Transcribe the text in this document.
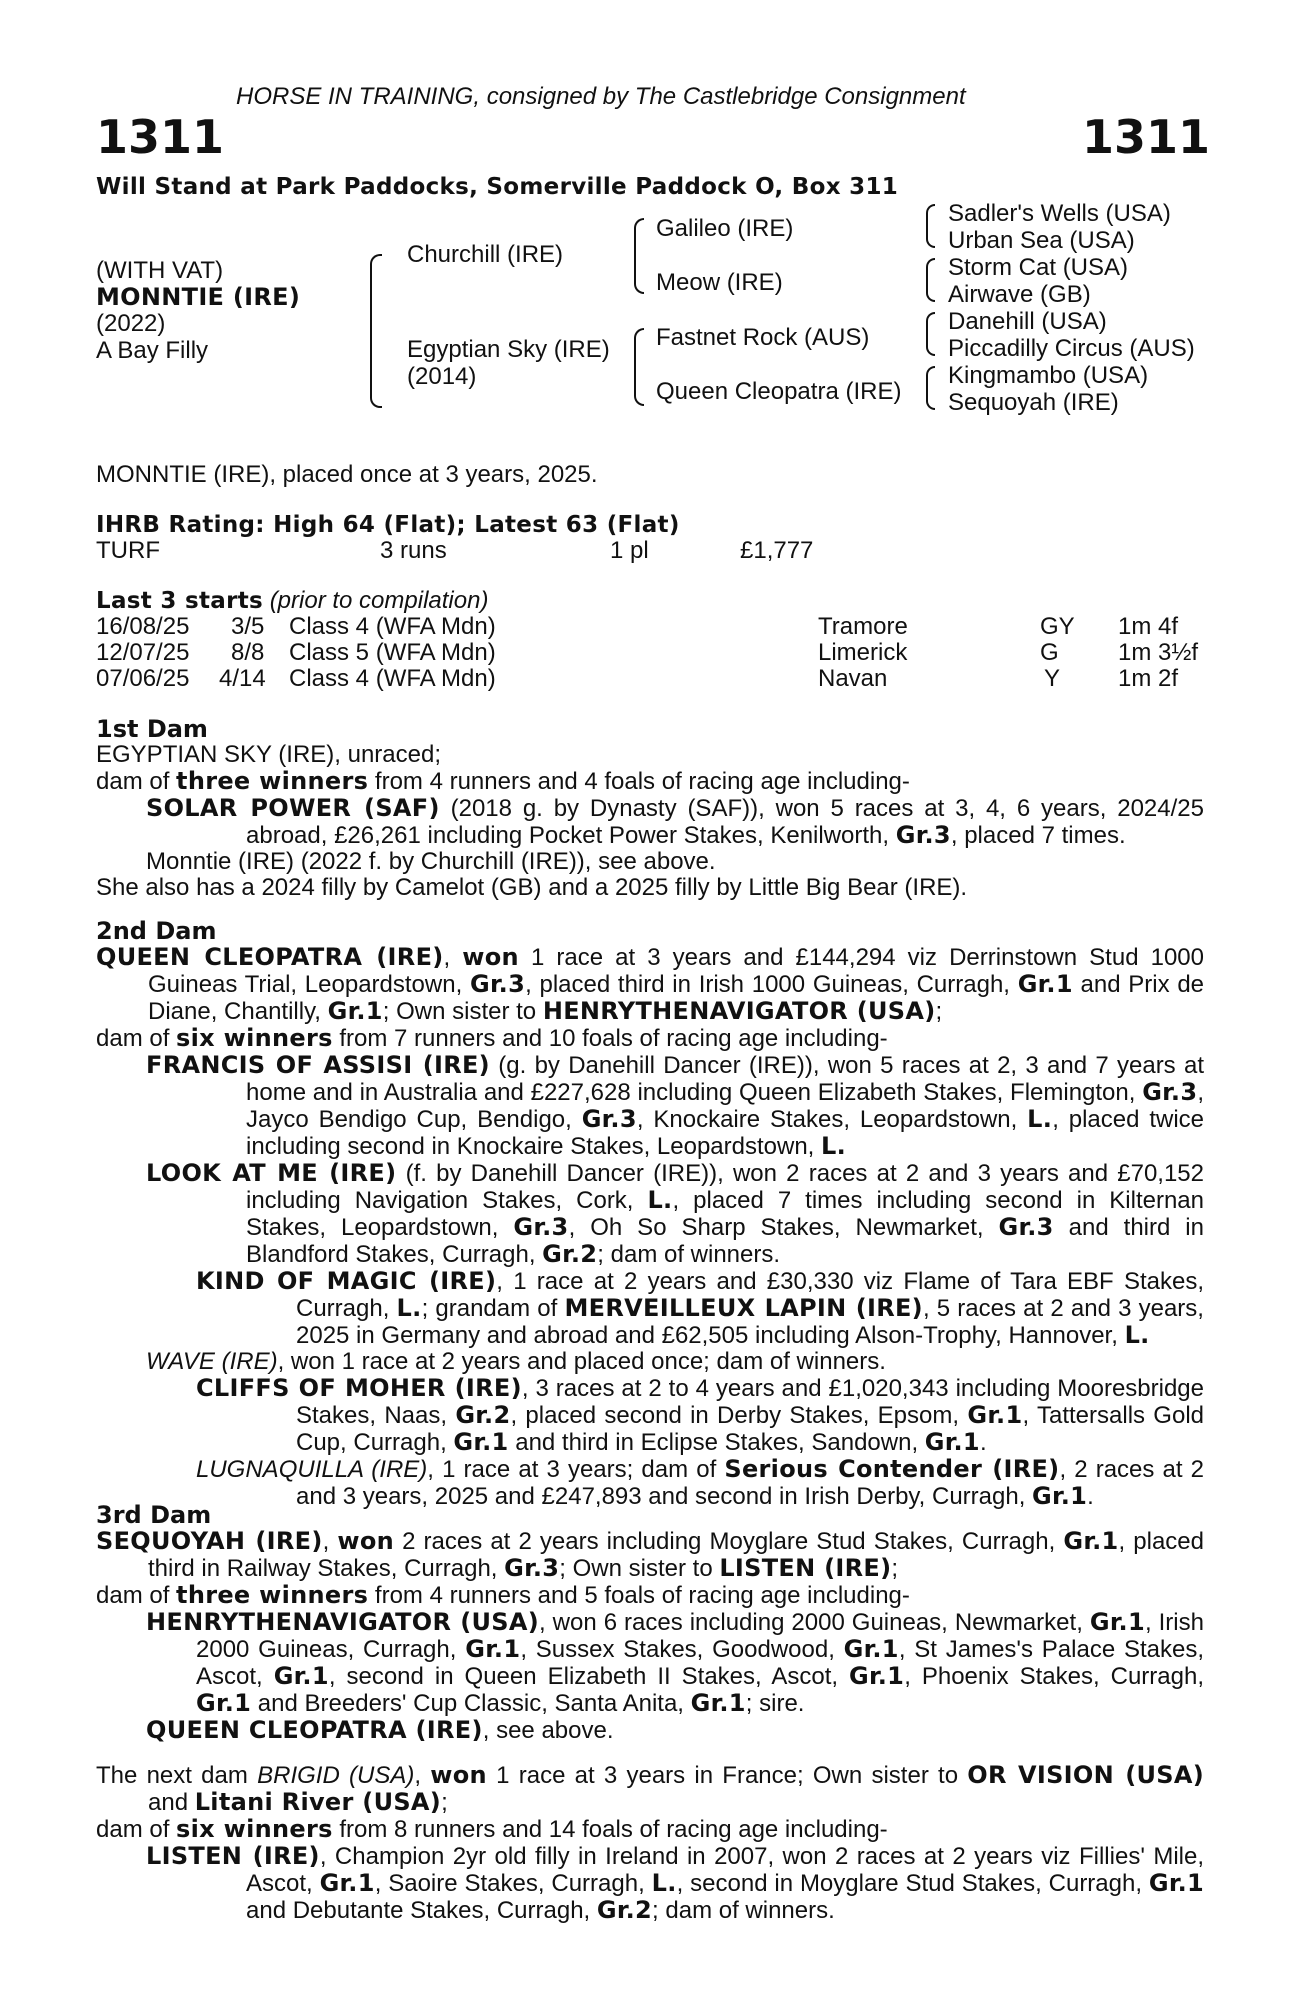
HORSE IN TRAINING, consigned by The Castlebridge Consignment
1311	1311
Will Stand at Park Paddocks, Somerville Paddock O, Box 311
(WITH VAT)
MONNTIE (IRE)
(2022)
A Bay Filly
Churchill (IRE)
Egyptian Sky (IRE)
(2014)
Galileo (IRE)
Meow (IRE)
Fastnet Rock (AUS)
Queen Cleopatra (IRE)
Sadler's Wells (USA)
Urban Sea (USA)
Storm Cat (USA)
Airwave (GB)
Danehill (USA)
Piccadilly Circus (AUS)
Kingmambo (USA)
Sequoyah (IRE)
MONNTIE (IRE), placed once at 3 years, 2025.
IHRB Rating: High 64 (Flat); Latest 63 (Flat)
TURF	3 runs	1 pl	£1,777
Last 3 starts (prior to compilation)
16/08/25 3/5 Class 4 (WFA Mdn)	Tramore	GY 1m 4f
12/07/25 8/8 Class 5 (WFA Mdn)	Limerick	G 1m 3½f
07/06/25 4/14 Class 4 (WFA Mdn)	Navan	Y 1m 2f
1st Dam

EGYPTIAN SKY (IRE), unraced;

dam of three winners from 4 runners and 4 foals of racing age including-

SOLAR POWER (SAF) (2018 g. by Dynasty (SAF)), won 5 races at 3, 4, 6 years, 2024/25 abroad, £26,261 including Pocket Power Stakes, Kenilworth, Gr.3, placed 7 times.

Monntie (IRE) (2022 f. by Churchill (IRE)), see above.

She also has a 2024 filly by Camelot (GB) and a 2025 filly by Little Big Bear (IRE).

2nd Dam

QUEEN CLEOPATRA (IRE), won 1 race at 3 years and £144,294 viz Derrinstown Stud 1000 Guineas Trial, Leopardstown, Gr.3, placed third in Irish 1000 Guineas, Curragh, Gr.1 and Prix de Diane, Chantilly, Gr.1; Own sister to HENRYTHENAVIGATOR (USA);

dam of six winners from 7 runners and 10 foals of racing age including-

FRANCIS OF ASSISI (IRE) (g. by Danehill Dancer (IRE)), won 5 races at 2, 3 and 7 years at home and in Australia and £227,628 including Queen Elizabeth Stakes, Flemington, Gr.3, Jayco Bendigo Cup, Bendigo, Gr.3, Knockaire Stakes, Leopardstown, L., placed twice including second in Knockaire Stakes, Leopardstown, L.

LOOK AT ME (IRE) (f. by Danehill Dancer (IRE)), won 2 races at 2 and 3 years and £70,152 including Navigation Stakes, Cork, L., placed 7 times including second in Kilternan Stakes, Leopardstown, Gr.3, Oh So Sharp Stakes, Newmarket, Gr.3 and third in Blandford Stakes, Curragh, Gr.2; dam of winners.

KIND OF MAGIC (IRE), 1 race at 2 years and £30,330 viz Flame of Tara EBF Stakes, Curragh, L.; grandam of MERVEILLEUX LAPIN (IRE), 5 races at 2 and 3 years, 2025 in Germany and abroad and £62,505 including Alson-Trophy, Hannover, L.

WAVE (IRE), won 1 race at 2 years and placed once; dam of winners.

CLIFFS OF MOHER (IRE), 3 races at 2 to 4 years and £1,020,343 including Mooresbridge Stakes, Naas, Gr.2, placed second in Derby Stakes, Epsom, Gr.1, Tattersalls Gold Cup, Curragh, Gr.1 and third in Eclipse Stakes, Sandown, Gr.1.

LUGNAQUILLA (IRE), 1 race at 3 years; dam of Serious Contender (IRE), 2 races at 2 and 3 years, 2025 and £247,893 and second in Irish Derby, Curragh, Gr.1.

3rd Dam

SEQUOYAH (IRE), won 2 races at 2 years including Moyglare Stud Stakes, Curragh, Gr.1, placed third in Railway Stakes, Curragh, Gr.3; Own sister to LISTEN (IRE);

dam of three winners from 4 runners and 5 foals of racing age including-

HENRYTHENAVIGATOR (USA), won 6 races including 2000 Guineas, Newmarket, Gr.1, Irish 2000 Guineas, Curragh, Gr.1, Sussex Stakes, Goodwood, Gr.1, St James's Palace Stakes, Ascot, Gr.1, second in Queen Elizabeth II Stakes, Ascot, Gr.1, Phoenix Stakes, Curragh, Gr.1 and Breeders' Cup Classic, Santa Anita, Gr.1; sire.

QUEEN CLEOPATRA (IRE), see above.

The next dam BRIGID (USA), won 1 race at 3 years in France; Own sister to OR VISION (USA) and Litani River (USA);

dam of six winners from 8 runners and 14 foals of racing age including-

LISTEN (IRE), Champion 2yr old filly in Ireland in 2007, won 2 races at 2 years viz Fillies' Mile, Ascot, Gr.1, Saoire Stakes, Curragh, L., second in Moyglare Stud Stakes, Curragh, Gr.1 and Debutante Stakes, Curragh, Gr.2; dam of winners.
